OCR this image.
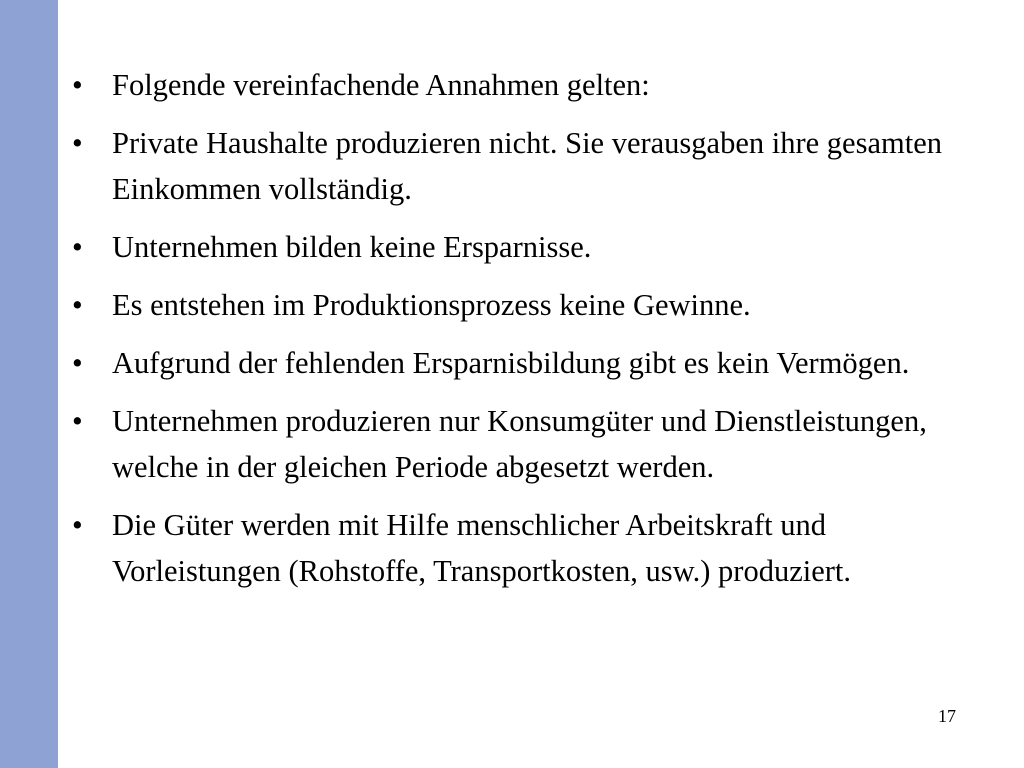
• Folgende vereinfachende Annahmen gelten:
• Private Haushalte produzieren nicht. Sie verausgaben ihre gesamten Einkommen vollständig.
• Unternehmen bilden keine Ersparnisse.
• Es entstehen im Produktionsprozess keine Gewinne.
• Aufgrund der fehlenden Ersparnisbildung gibt es kein Vermögen.
• Unternehmen produzieren nur Konsumgüter und Dienstleistungen, welche in der gleichen Periode abgesetzt werden.
• Die Güter werden mit Hilfe menschlicher Arbeitskraft und Vorleistungen (Rohstoffe, Transportkosten, usw.) produziert.
17
